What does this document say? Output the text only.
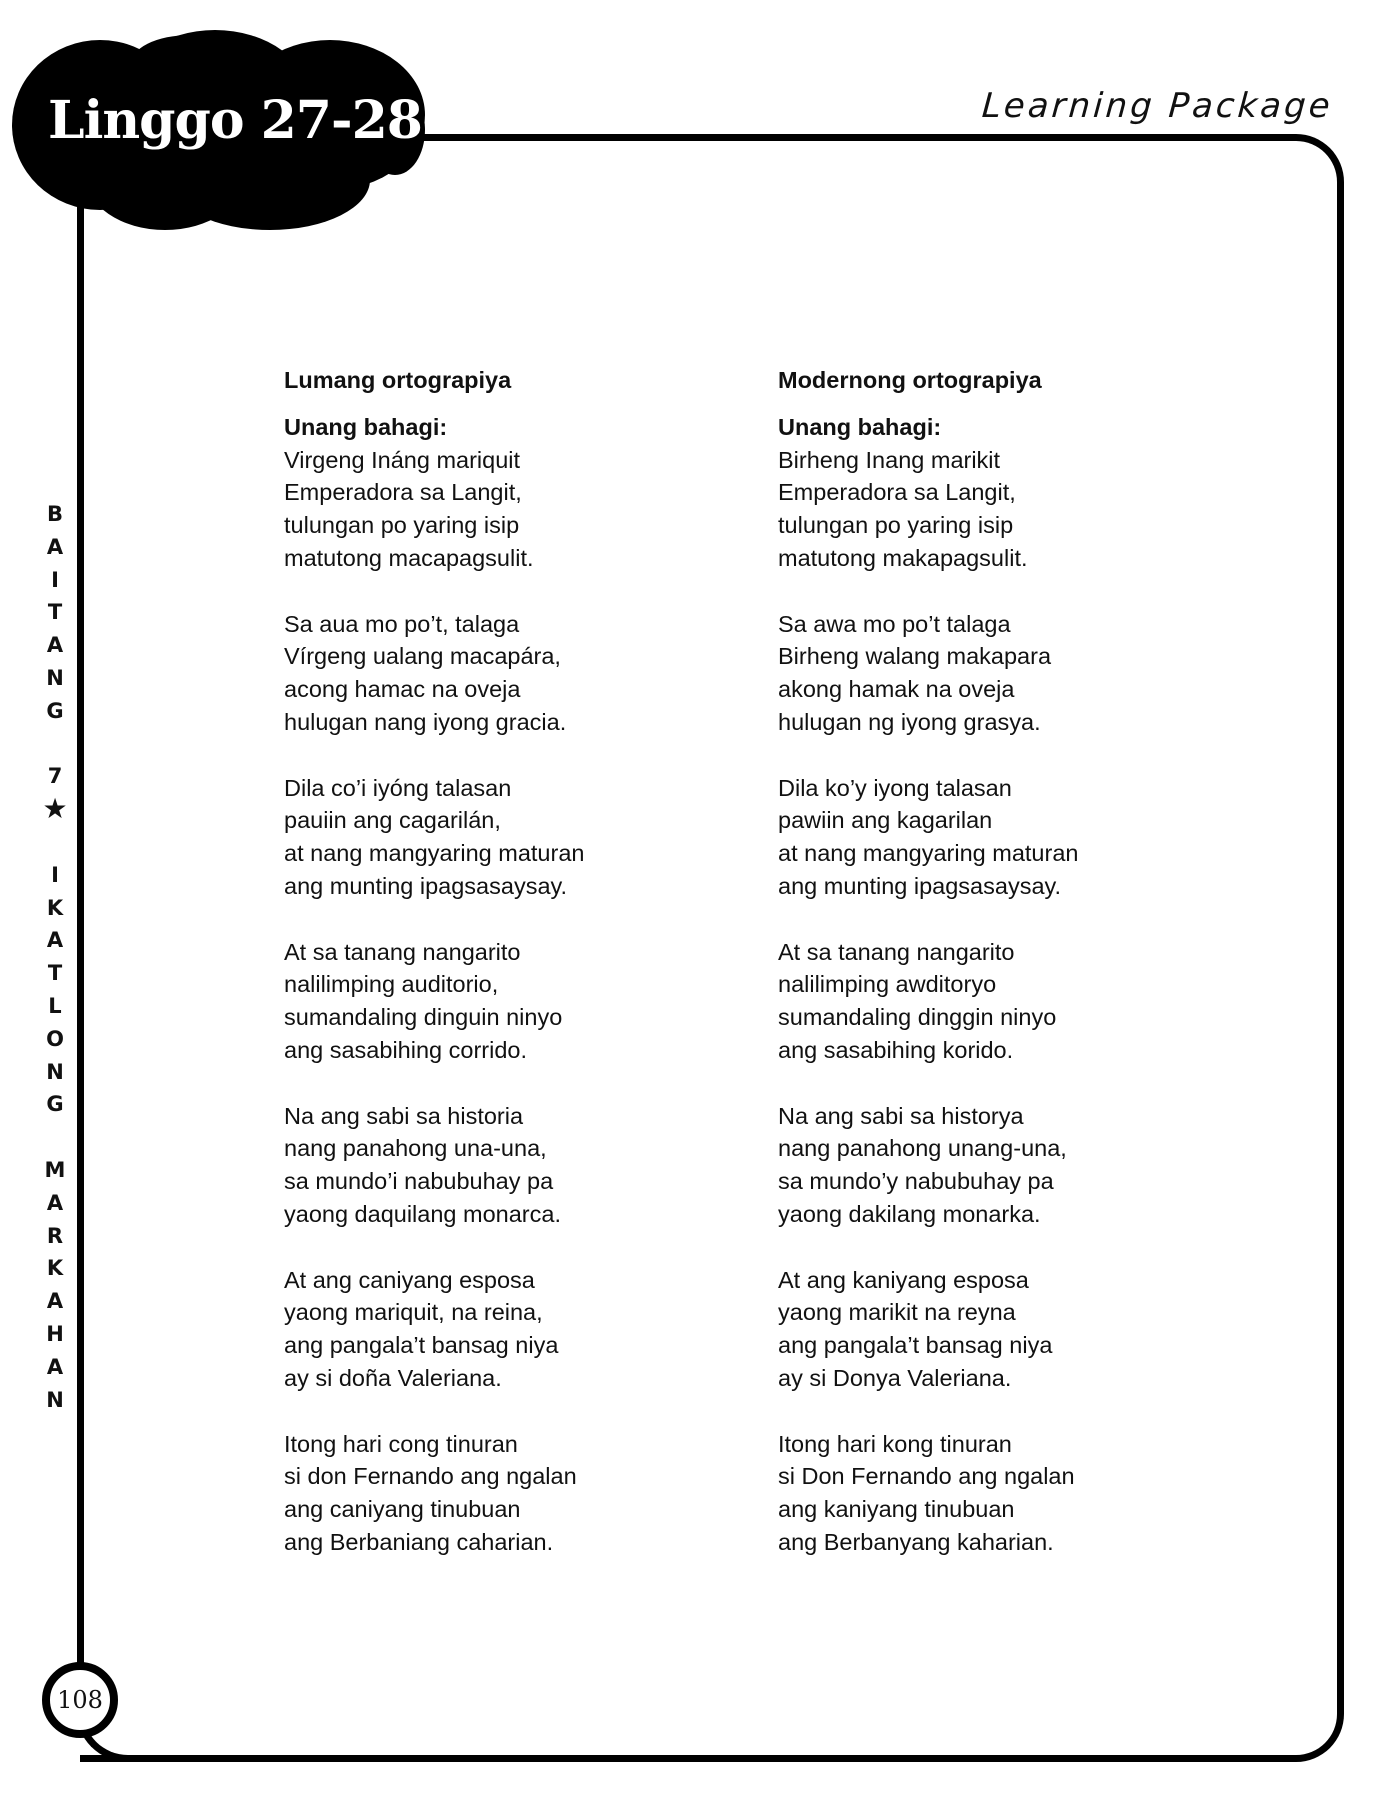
Linggo 27-28	Learning Package
B
A
I
T
A
N
G
7
★
I
K
A
T
L
O
N
G
M
A
R
K
A
H
A
N
108
Lumang ortograpiya
Unang bahagi:
Virgeng Ináng mariquit
Emperadora sa Langit,
tulungan po yaring isip
matutong macapagsulit.
Sa aua mo po’t, talaga
Vírgeng ualang macapára,
acong hamac na oveja
hulugan nang iyong gracia.
Dila co’i iyóng talasan
pauiin ang cagarilán,
at nang mangyaring maturan
ang munting ipagsasaysay.
At sa tanang nangarito
nalilimping auditorio,
sumandaling dinguin ninyo
ang sasabihing corrido.
Na ang sabi sa historia
nang panahong una-una,
sa mundo’i nabubuhay pa
yaong daquilang monarca.
At ang caniyang esposa
yaong mariquit, na reina,
ang pangala’t bansag niya
ay si doña Valeriana.
Itong hari cong tinuran
si don Fernando ang ngalan
ang caniyang tinubuan
ang Berbaniang caharian.
Modernong ortograpiya
Unang bahagi:
Birheng Inang marikit
Emperadora sa Langit,
tulungan po yaring isip
matutong makapagsulit.
Sa awa mo po’t talaga
Birheng walang makapara
akong hamak na oveja
hulugan ng iyong grasya.
Dila ko’y iyong talasan
pawiin ang kagarilan
at nang mangyaring maturan
ang munting ipagsasaysay.
At sa tanang nangarito
nalilimping awditoryo
sumandaling dinggin ninyo
ang sasabihing korido.
Na ang sabi sa historya
nang panahong unang-una,
sa mundo’y nabubuhay pa
yaong dakilang monarka.
At ang kaniyang esposa
yaong marikit na reyna
ang pangala’t bansag niya
ay si Donya Valeriana.
Itong hari kong tinuran
si Don Fernando ang ngalan
ang kaniyang tinubuan
ang Berbanyang kaharian.
